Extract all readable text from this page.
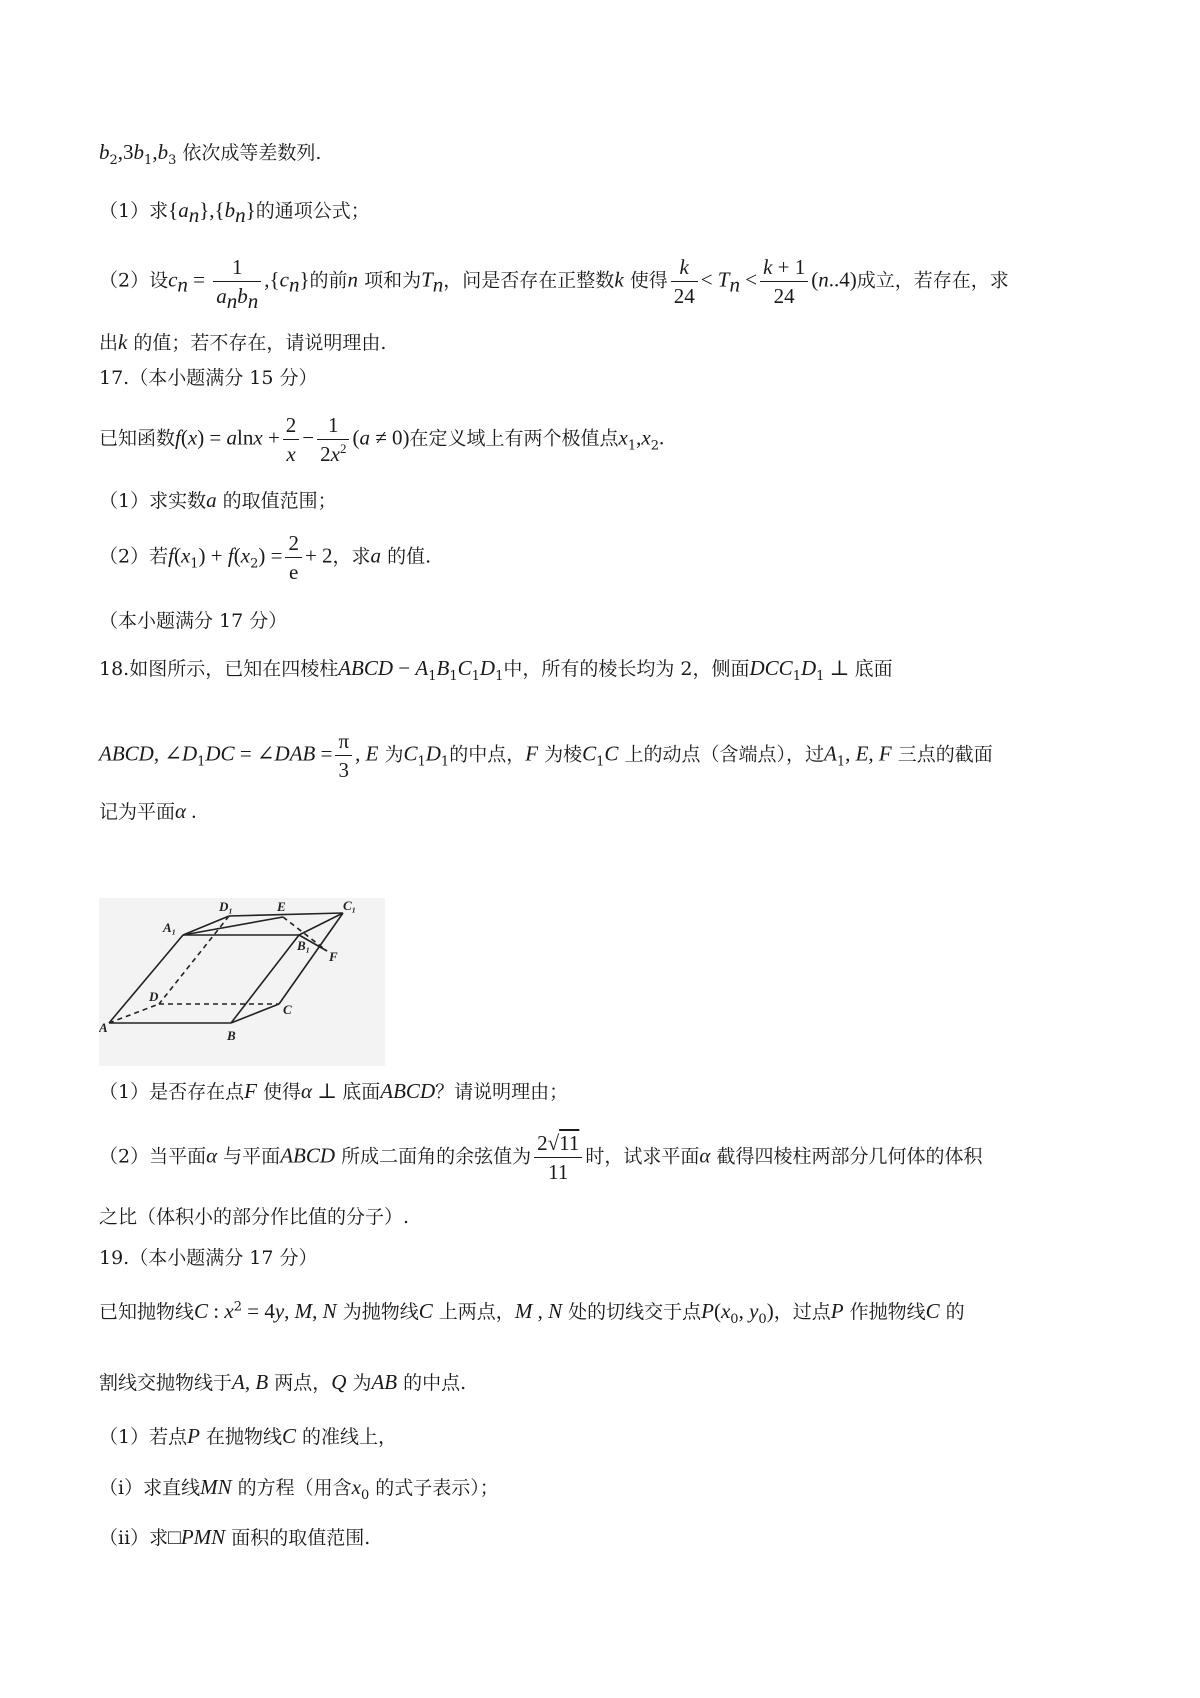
$b_2,3b_1,b_3$ 依次成等差数列.
（1）求$\{a_n\},\{b_n\}$的通项公式；
（2）设$c_n = \frac{1}{a_nb_n} ,\{c_n\}$的前n 项和为$T_n$，问是否存在正整数k 使得 $\frac{k}{24} < T_n < \frac{k + 1}{24} (n..4)$成立，若存在，求
出k 的值；若不存在，请说明理由.
17.（本小题满分 15 分）
已知函数$f(x) = alnx + \frac{2}{x} - \frac{1}{2x^2} (a \ne 0)$在定义域上有两个极值点$x_1,x_2$.
（1）求实数a 的取值范围；
（2）若$f(x_1) + f(x_2) = \frac{2}{e} + 2$，求a 的值.
（本小题满分 17 分）
18.如图所示，已知在四棱柱ABCD − $A_1B_1C_1D_1$中，所有的棱长均为 2，侧面$DCC_1D_1$ ⊥ 底面
ABCD, $\angle D_1DC$ = ∠DAB = $\frac{\pi}{3}$ , E 为$C_1D_1$的中点，F 为棱$C_1C$ 上的动点（含端点），过$A_1$, E, F 三点的截面
记为平面α .
D₁	E	C₁
A₁
B₁
F
D
C
A
B
（1）是否存在点F 使得α ⊥ 底面ABCD？请说明理由；
（2）当平面α 与平面ABCD 所成二面角的余弦值为 $\frac{2√11}{11}$ 时，试求平面α 截得四棱柱两部分几何体的体积
之比（体积小的部分作比值的分子）.
19.（本小题满分 17 分）
已知抛物线C : $x^2 = 4y$, M, N 为抛物线C 上两点，M , N 处的切线交于点$P(x_0$, $y_0$)，过点P 作抛物线C 的
割线交抛物线于A, B 两点，Q 为AB 的中点.
（1）若点P 在抛物线C 的准线上，
（i）求直线MN 的方程（用含$x_0$ 的式子表示）；
（ii）求□PMN 面积的取值范围.
